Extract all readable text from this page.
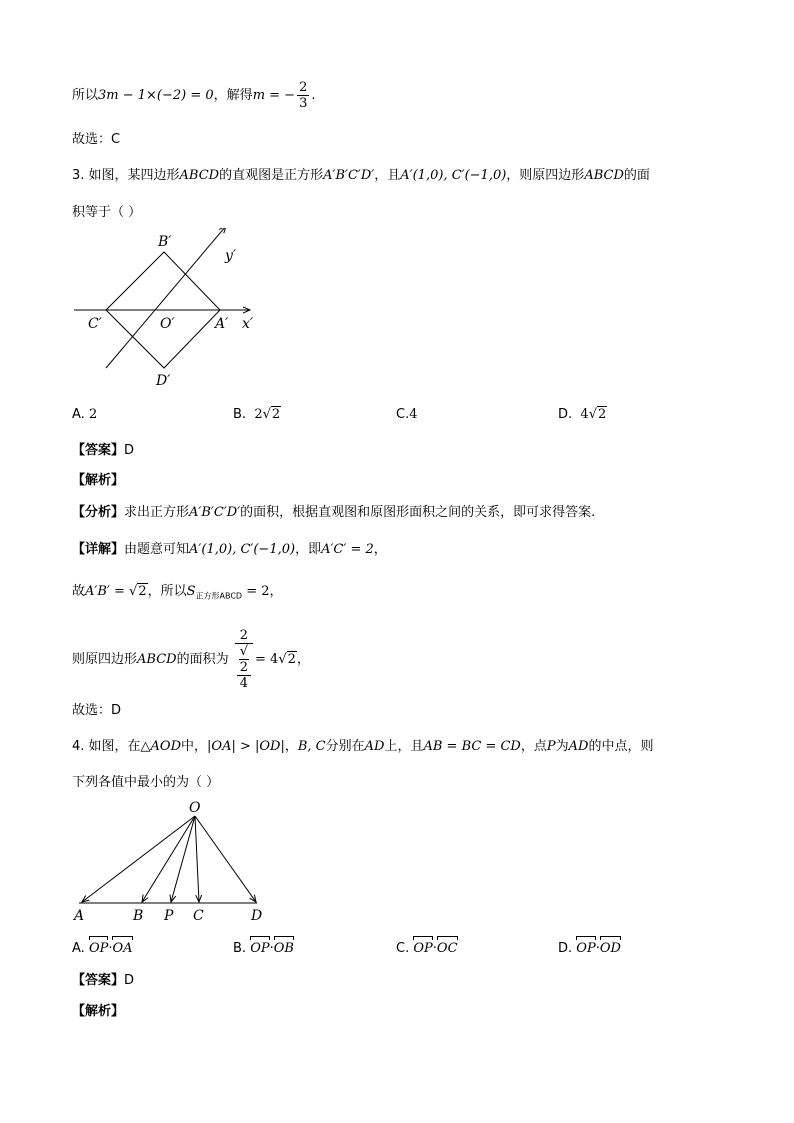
所以3m − 1×(−2) = 0，解得m = − $\frac{2}{3}$ .
故选：C
3. 如图，某四边形ABCD的直观图是正方形A′B′C′D′，且A′(1,0), C′(−1,0)，则原四边形ABCD的面
积等于（ ）
B′
y′
C′	O′	A′ x′
D′
A. 2	B. 2√2	C.4	D. 4√2
【答案】D
【解析】
【分析】求出正方形A′B′C′D′的面积，根据直观图和原图形面积之间的关系，即可求得答案.
【详解】由题意可知A′(1,0), C′(−1,0)，即A′C′ = 2，
故A′B′ = √2，所以$S_{正方形ABCD} = 2$，
则原四边形ABCD的面积为 2
√
2
4 = 4√2，
故选：D
4. 如图，在△AOD中，|OA| > |OD|，B, C分别在AD上，且AB = BC = CD，点P为AD的中点，则
下列各值中最小的为（ ）
O
A	B P C	D
A. OP·OA	B. OP·OB	C. OP·OC	D. OP·OD
【答案】D
【解析】
